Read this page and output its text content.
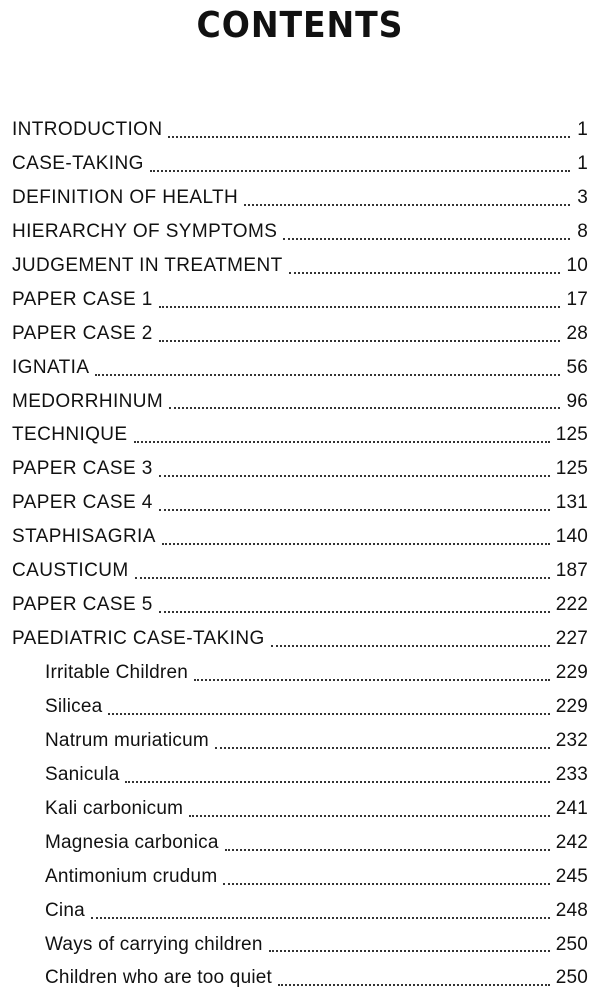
CONTENTS
INTRODUCTION	1
CASE-TAKING	1
DEFINITION OF HEALTH	3
HIERARCHY OF SYMPTOMS	8
JUDGEMENT IN TREATMENT	10
PAPER CASE 1	17
PAPER CASE 2	28
IGNATIA	56
MEDORRHINUM	96
TECHNIQUE	125
PAPER CASE 3	125
PAPER CASE 4	131
STAPHISAGRIA	140
CAUSTICUM	187
PAPER CASE 5	222
PAEDIATRIC CASE-TAKING	227
Irritable Children	229
Silicea	229
Natrum muriaticum	232
Sanicula	233
Kali carbonicum	241
Magnesia carbonica	242
Antimonium crudum	245
Cina	248
Ways of carrying children	250
Children who are too quiet	250
